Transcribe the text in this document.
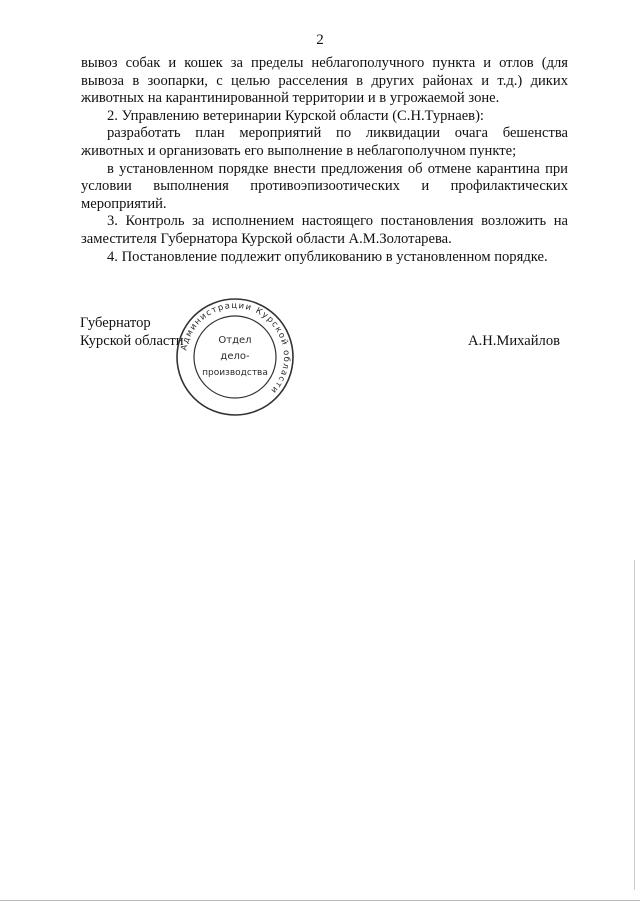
2

вывоз собак и кошек за пределы неблагополучного пункта и отлов (для вывоза в зоопарки, с целью расселения в других районах и т.д.) диких животных на карантинированной территории и в угрожаемой зоне.

2. Управлению ветеринарии Курской области (С.Н.Турнаев):

разработать план мероприятий по ликвидации очага бешенства животных и организовать его выполнение в неблагополучном пункте;

в установленном порядке внести предложения об отмене карантина при условии выполнения противоэпизоотических и профилактических мероприятий.

3. Контроль за исполнением настоящего постановления возложить на заместителя Губернатора Курской области А.М.Золотарева.

4. Постановление подлежит опубликованию в установленном порядке.

Губернатор
Курской области	А.Н.Михайлов
Администрации Курской области
Отдел
дело-
производства
